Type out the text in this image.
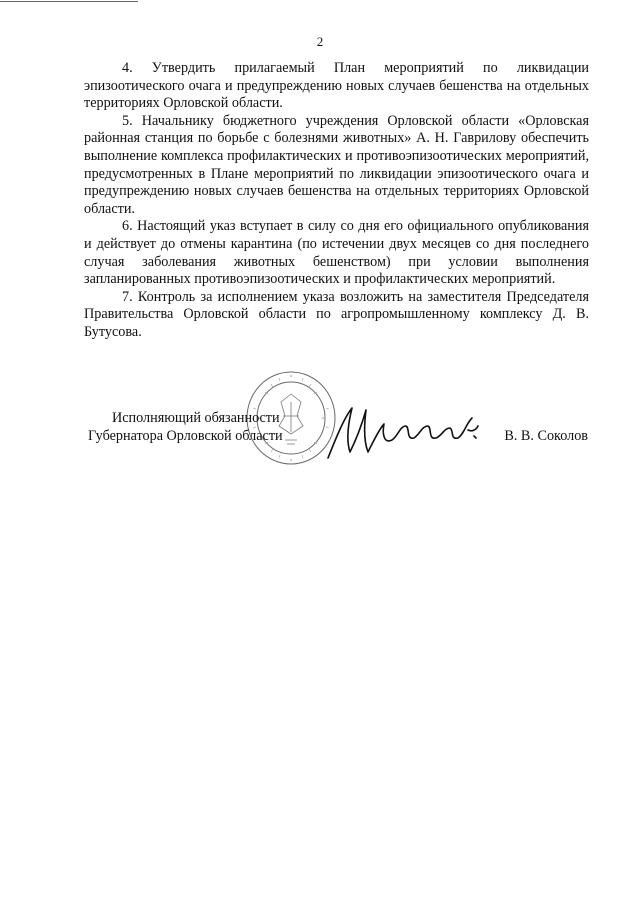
2

4. Утвердить прилагаемый План мероприятий по ликвидации эпизоотического очага и предупреждению новых случаев бешенства на отдельных территориях Орловской области.

5. Начальнику бюджетного учреждения Орловской области «Орловская районная станция по борьбе с болезнями животных» А. Н. Гаврилову обеспечить выполнение комплекса профилактических и противоэпизоотических мероприятий, предусмотренных в Плане мероприятий по ликвидации эпизоотического очага и предупреждению новых случаев бешенства на отдельных территориях Орловской области.

6. Настоящий указ вступает в силу со дня его официального опубликования и действует до отмены карантина (по истечении двух месяцев со дня последнего случая заболевания животных бешенством) при условии выполнения запланированных противоэпизоотических и профилактических мероприятий.

7. Контроль за исполнением указа возложить на заместителя Председателя Правительства Орловской области по агропромышленному комплексу Д. В. Бутусова.

Исполняющий обязанности
Губернатора Орловской области	В. В. Соколов
